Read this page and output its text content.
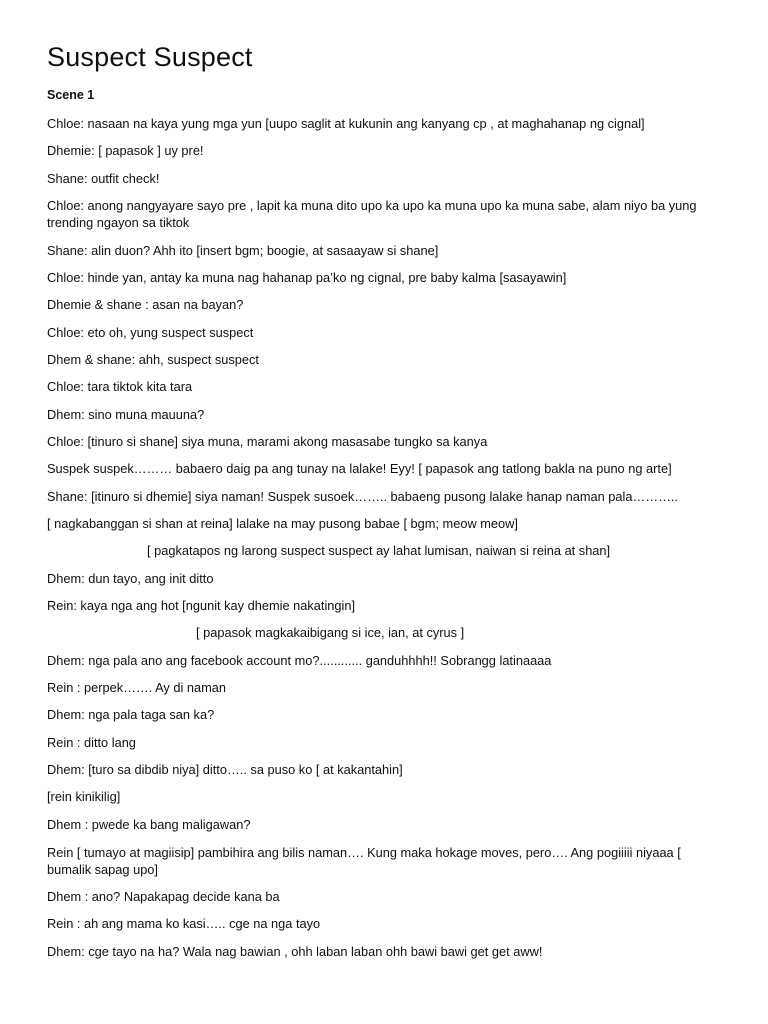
Suspect Suspect
Scene 1
Chloe: nasaan na kaya yung mga yun [uupo saglit at kukunin ang kanyang cp , at maghahanap ng cignal]
Dhemie: [ papasok ] uy pre!
Shane: outfit check!
Chloe: anong nangyayare sayo pre , lapit ka muna dito upo ka upo ka muna upo ka muna sabe, alam niyo ba yung trending ngayon sa tiktok
Shane: alin duon? Ahh ito [insert bgm; boogie, at sasaayaw si shane]
Chloe: hinde yan, antay ka muna nag hahanap pa’ko ng cignal, pre baby kalma [sasayawin]
Dhemie & shane : asan na bayan?
Chloe: eto oh, yung suspect suspect
Dhem & shane: ahh, suspect suspect
Chloe: tara tiktok kita tara
Dhem: sino muna mauuna?
Chloe: [tinuro si shane] siya muna, marami akong masasabe tungko sa kanya
Suspek suspek……… babaero daig pa ang tunay na lalake! Eyy! [ papasok ang tatlong bakla na puno ng arte]
Shane: [itinuro si dhemie] siya naman! Suspek susoek…….. babaeng pusong lalake hanap naman pala………..
[ nagkabanggan si shan at reina] lalake na may pusong babae [ bgm; meow meow]
[ pagkatapos ng larong suspect suspect ay lahat lumisan, naiwan si reina at shan]
Dhem: dun tayo, ang init ditto
Rein: kaya nga ang hot [ngunit kay dhemie nakatingin]
[ papasok magkakaibigang si ice, ian, at cyrus ]
Dhem: nga pala ano ang facebook account mo?............ ganduhhhh!! Sobrangg latinaaaa
Rein : perpek……. Ay di naman
Dhem: nga pala taga san ka?
Rein : ditto lang
Dhem: [turo sa dibdib niya] ditto….. sa puso ko [ at kakantahin]
[rein kinikilig]
Dhem : pwede ka bang maligawan?
Rein [ tumayo at magiisip] pambihira ang bilis naman…. Kung maka hokage moves, pero…. Ang pogiiiii niyaaa [ bumalik sapag upo]
Dhem : ano? Napakapag decide kana ba
Rein : ah ang mama ko kasi….. cge na nga tayo
Dhem: cge tayo na ha? Wala nag bawian , ohh laban laban ohh bawi bawi get get aww!
